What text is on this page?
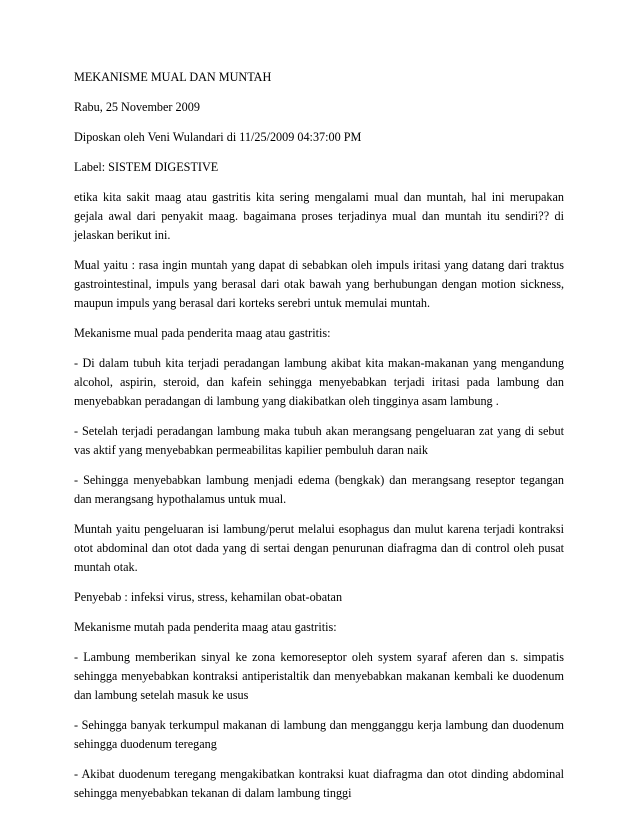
MEKANISME MUAL DAN MUNTAH
Rabu, 25 November 2009
Diposkan oleh Veni Wulandari di 11/25/2009 04:37:00 PM
Label: SISTEM DIGESTIVE
etika kita sakit maag atau gastritis kita sering mengalami mual dan muntah, hal ini merupakan gejala awal dari penyakit maag. bagaimana proses terjadinya mual dan muntah itu sendiri?? di jelaskan berikut ini.
Mual yaitu : rasa ingin muntah yang dapat di sebabkan oleh impuls iritasi yang datang dari traktus gastrointestinal, impuls yang berasal dari otak bawah yang berhubungan dengan motion sickness, maupun impuls yang berasal dari korteks serebri untuk memulai muntah.
Mekanisme mual pada penderita maag atau gastritis:
- Di dalam tubuh kita terjadi peradangan lambung akibat kita makan-makanan yang mengandung alcohol, aspirin, steroid, dan kafein sehingga menyebabkan terjadi iritasi pada lambung dan menyebabkan peradangan di lambung yang diakibatkan oleh tingginya asam lambung .
- Setelah terjadi peradangan lambung maka tubuh akan merangsang pengeluaran zat yang di sebut vas aktif yang menyebabkan permeabilitas kapilier pembuluh daran naik
- Sehingga menyebabkan lambung menjadi edema (bengkak) dan merangsang reseptor tegangan dan merangsang hypothalamus untuk mual.
Muntah yaitu pengeluaran isi lambung/perut melalui esophagus dan mulut karena terjadi kontraksi otot abdominal dan otot dada yang di sertai dengan penurunan diafragma dan di control oleh pusat muntah otak.
Penyebab : infeksi virus, stress, kehamilan obat-obatan
Mekanisme mutah pada penderita maag atau gastritis:
- Lambung memberikan sinyal ke zona kemoreseptor oleh system syaraf aferen dan s. simpatis sehingga menyebabkan kontraksi antiperistaltik dan menyebabkan makanan kembali ke duodenum dan lambung setelah masuk ke usus
- Sehingga banyak terkumpul makanan di lambung dan mengganggu kerja lambung dan duodenum sehingga duodenum teregang
- Akibat duodenum teregang mengakibatkan kontraksi kuat diafragma dan otot dinding abdominal sehingga menyebabkan tekanan di dalam lambung tinggi
